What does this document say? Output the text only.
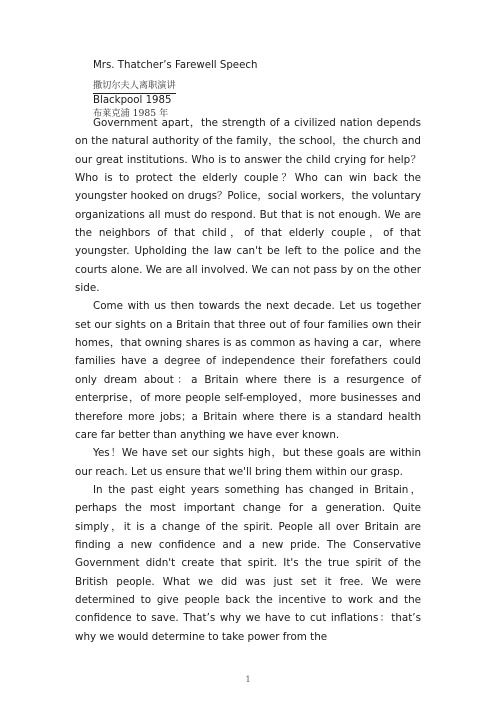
Mrs. Thatcher’s Farewell Speech
撒切尔夫人离职演讲
Blackpool 1985
布莱克浦 1985 年

Government apart，the strength of a civilized nation depends on the natural authority of the family，the school，the church and our great institutions. Who is to answer the child crying for help？Who is to protect the elderly couple？Who can win back the youngster hooked on drugs？Police，social workers，the voluntary organizations all must do respond. But that is not enough. We are the neighbors of that child，of that elderly couple，of that youngster. Upholding the law can't be left to the police and the courts alone. We are all involved. We can not pass by on the other side.

Come with us then towards the next decade. Let us together set our sights on a Britain that three out of four families own their homes，that owning shares is as common as having a car，where families have a degree of independence their forefathers could only dream about：a Britain where there is a resurgence of enterprise，of more people self-employed，more businesses and therefore more jobs；a Britain where there is a standard health care far better than anything we have ever known.

Yes！We have set our sights high，but these goals are within our reach. Let us ensure that we'll bring them within our grasp.

In the past eight years something has changed in Britain，perhaps the most important change for a generation. Quite simply，it is a change of the spirit. People all over Britain are finding a new confidence and a new pride. The Conservative Government didn't create that spirit. It's the true spirit of the British people. What we did was just set it free. We were determined to give people back the incentive to work and the confidence to save. That’s why we have to cut inflations：that’s why we would determine to take power from the

1
